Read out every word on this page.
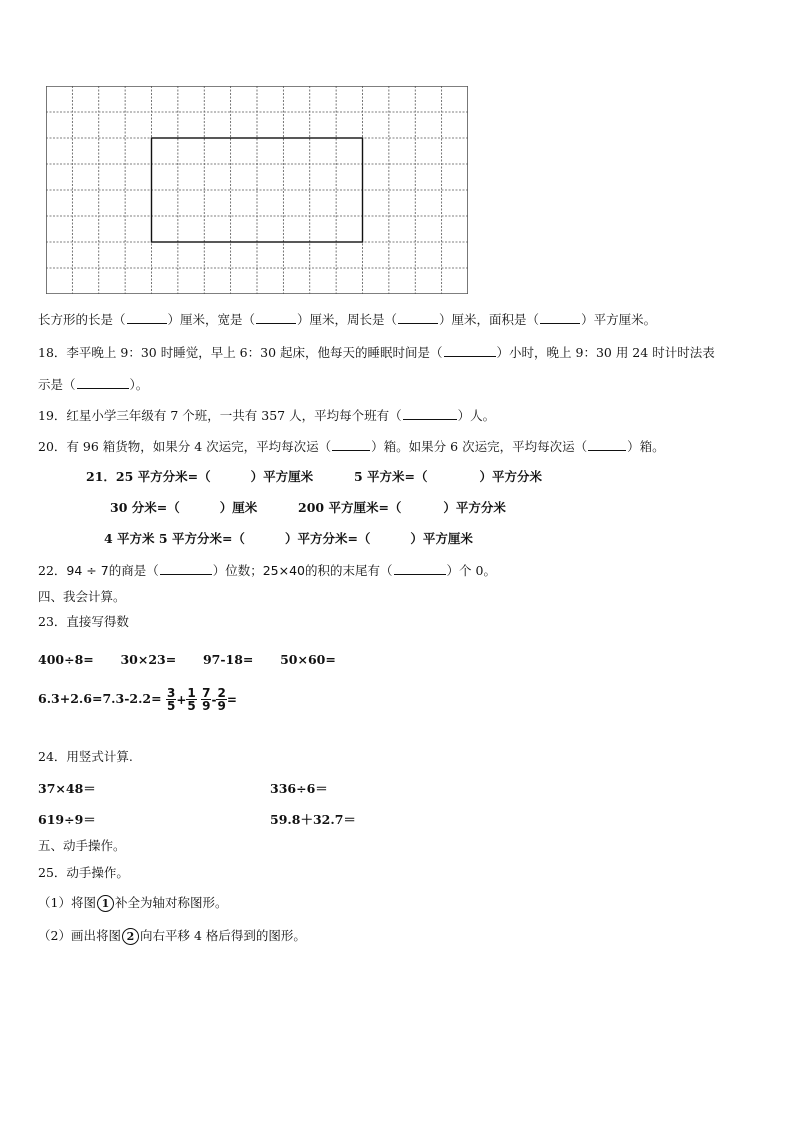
长方形的长是（	）厘米，宽是（	）厘米，周长是（	）厘米，面积是（	）平方厘米。
18．李平晚上 9：30 时睡觉，早上 6：30 起床，他每天的睡眠时间是（	）小时，晚上 9：30 用 24 时计时法表
示是（	）。
19．红星小学三年级有 7 个班，一共有 357 人，平均每个班有（	）人。
20．有 96 箱货物，如果分 4 次运完，平均每次运（	）箱。如果分 6 次运完，平均每次运（	）箱。
21．25 平方分米=（	）平方厘米	5 平方米=（	）平方分米
30 分米=（	）厘米	200 平方厘米=（	）平方分米
4 平方米 5 平方分米=（	）平方分米=（	）平方厘米
22．94 ÷ 7的商是（	）位数；25×40的积的末尾有（	）个 0。
四、我会计算。
23．直接写得数
400÷8= 30×23= 97-18= 50×60=
$6.3+2.6=7.3-2.2= \frac{3}{5} + \frac{1}{5}$
$\frac{7}{9} - \frac{2}{9}$ =
24．用竖式计算.
37×48＝	336÷6＝
619÷9＝	59.8＋32.7＝
五、动手操作。
25．动手操作。
（1）将图 1 补全为轴对称图形。
（2）画出将图 2 向右平移 4 格后得到的图形。
